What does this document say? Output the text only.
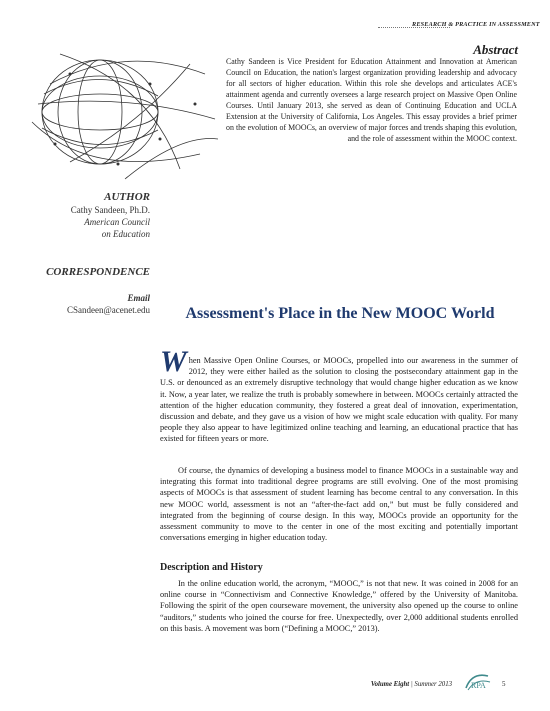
RESEARCH & PRACTICE IN ASSESSMENT
Abstract
Cathy Sandeen is Vice President for Education Attainment and Innovation at American Council on Education, the nation's largest organization providing leadership and advocacy for all sectors of higher education. Within this role she develops and articulates ACE's attainment agenda and currently oversees a large research project on Massive Open Online Courses. Until January 2013, she served as dean of Continuing Education and UCLA Extension at the University of California, Los Angeles. This essay provides a brief primer on the evolution of MOOCs, an overview of major forces and trends shaping this evolution, and the role of assessment within the MOOC context.
AUTHOR
Cathy Sandeen, Ph.D.
American Council
on Education
CORRESPONDENCE
Email
CSandeen@acenet.edu	Assessment's Place in the New MOOC World
When Massive Open Online Courses, or MOOCs, propelled into our awareness in the summer of 2012, they were either hailed as the solution to closing the postsecondary attainment gap in the U.S. or denounced as an extremely disruptive technology that would change higher education as we know it. Now, a year later, we realize the truth is probably somewhere in between. MOOCs certainly attracted the attention of the higher education community, they fostered a great deal of innovation, experimentation, discussion and debate, and they gave us a vision of how we might scale education with quality. For many people they also appear to have legitimized online teaching and learning, an educational practice that has existed for fifteen years or more.
Of course, the dynamics of developing a business model to finance MOOCs in a sustainable way and integrating this format into traditional degree programs are still evolving. One of the most promising aspects of MOOCs is that assessment of student learning has become central to any conversation. In this new MOOC world, assessment is not an “after-the-fact add on,” but must be fully considered and integrated from the beginning of course design. In this way, MOOCs provide an opportunity for the assessment community to move to the center in one of the most exciting and potentially important conversations emerging in higher education today.
Description and History
In the online education world, the acronym, “MOOC,” is not that new. It was coined in 2008 for an online course in “Connectivism and Connective Knowledge,” offered by the University of Manitoba. Following the spirit of the open courseware movement, the university also opened up the course to online “auditors,” students who joined the course for free. Unexpectedly, over 2,000 additional students enrolled on this basis. A movement was born (“Defining a MOOC,” 2013).
Volume Eight | Summer 2013 RPA 5
